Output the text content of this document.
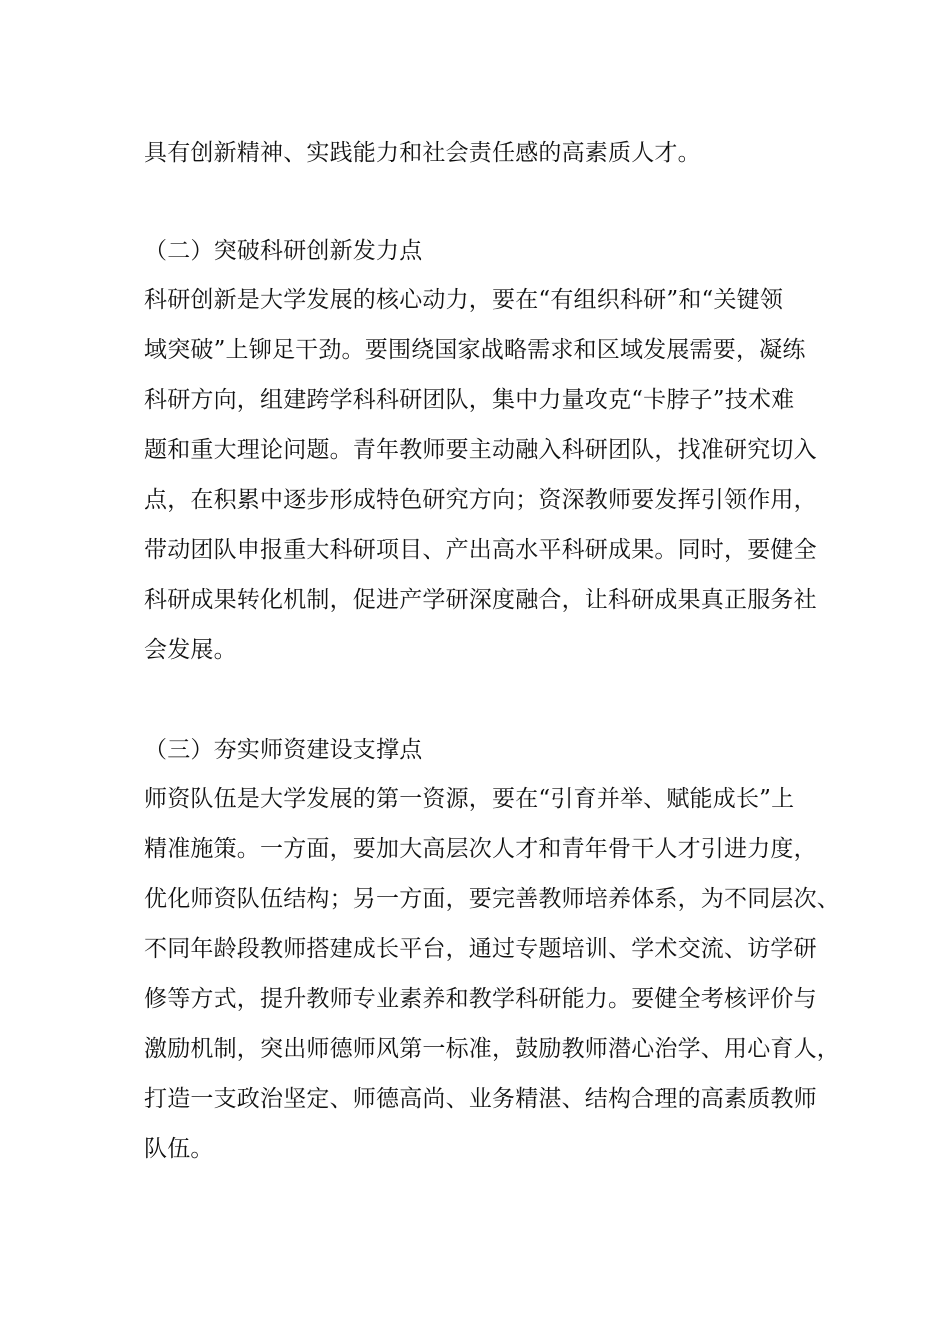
具有创新精神、实践能力和社会责任感的高素质人才。
（二）突破科研创新发力点
科研创新是大学发展的核心动力，要在“有组织科研”和“关键领
域突破”上铆足干劲。要围绕国家战略需求和区域发展需要，凝练
科研方向，组建跨学科科研团队，集中力量攻克“卡脖子”技术难
题和重大理论问题。青年教师要主动融入科研团队，找准研究切入
点，在积累中逐步形成特色研究方向；资深教师要发挥引领作用，
带动团队申报重大科研项目、产出高水平科研成果。同时，要健全
科研成果转化机制，促进产学研深度融合，让科研成果真正服务社
会发展。
（三）夯实师资建设支撑点
师资队伍是大学发展的第一资源，要在“引育并举、赋能成长”上
精准施策。一方面，要加大高层次人才和青年骨干人才引进力度，
优化师资队伍结构；另一方面，要完善教师培养体系，为不同层次、
不同年龄段教师搭建成长平台，通过专题培训、学术交流、访学研
修等方式，提升教师专业素养和教学科研能力。要健全考核评价与
激励机制，突出师德师风第一标准，鼓励教师潜心治学、用心育人，
打造一支政治坚定、师德高尚、业务精湛、结构合理的高素质教师
队伍。
